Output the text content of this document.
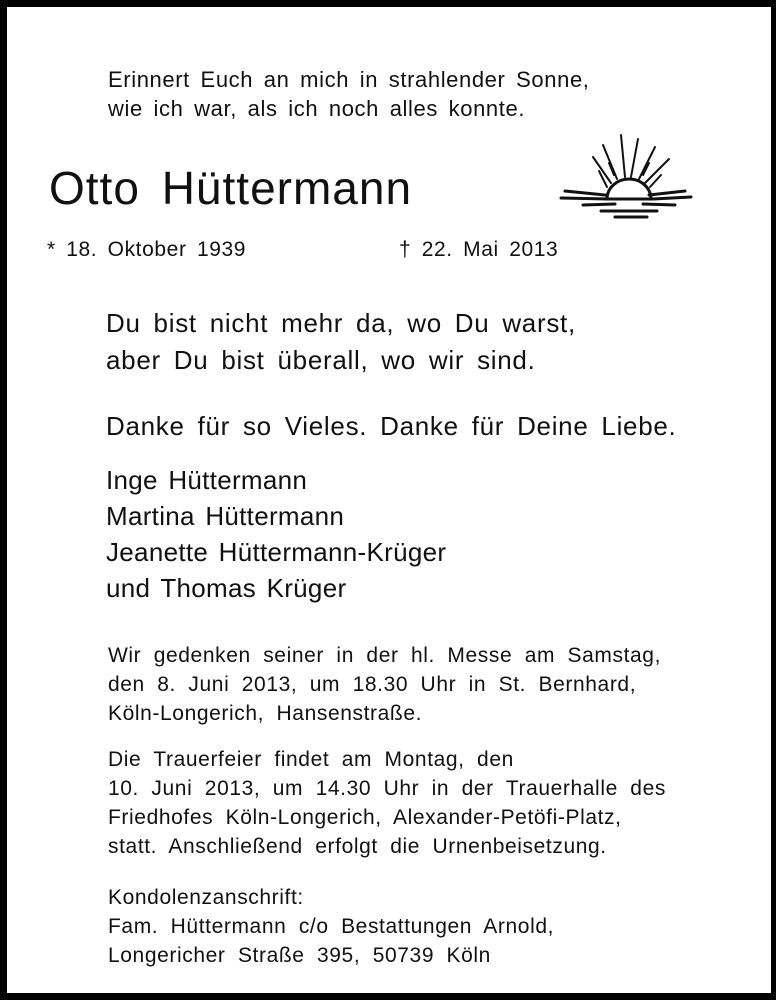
Erinnert Euch an mich in strahlender Sonne,
wie ich war, als ich noch alles konnte.
Otto Hüttermann
* 18. Oktober 1939	† 22. Mai 2013
Du bist nicht mehr da, wo Du warst,
aber Du bist überall, wo wir sind.
Danke für so Vieles. Danke für Deine Liebe.
Inge Hüttermann
Martina Hüttermann
Jeanette Hüttermann-Krüger
und Thomas Krüger
Wir gedenken seiner in der hl. Messe am Samstag,
den 8. Juni 2013, um 18.30 Uhr in St. Bernhard,
Köln-Longerich, Hansenstraße.
Die Trauerfeier findet am Montag, den
10. Juni 2013, um 14.30 Uhr in der Trauerhalle des
Friedhofes Köln-Longerich, Alexander-Petöfi-Platz,
statt. Anschließend erfolgt die Urnenbeisetzung.
Kondolenzanschrift:
Fam. Hüttermann c/o Bestattungen Arnold,
Longericher Straße 395, 50739 Köln
